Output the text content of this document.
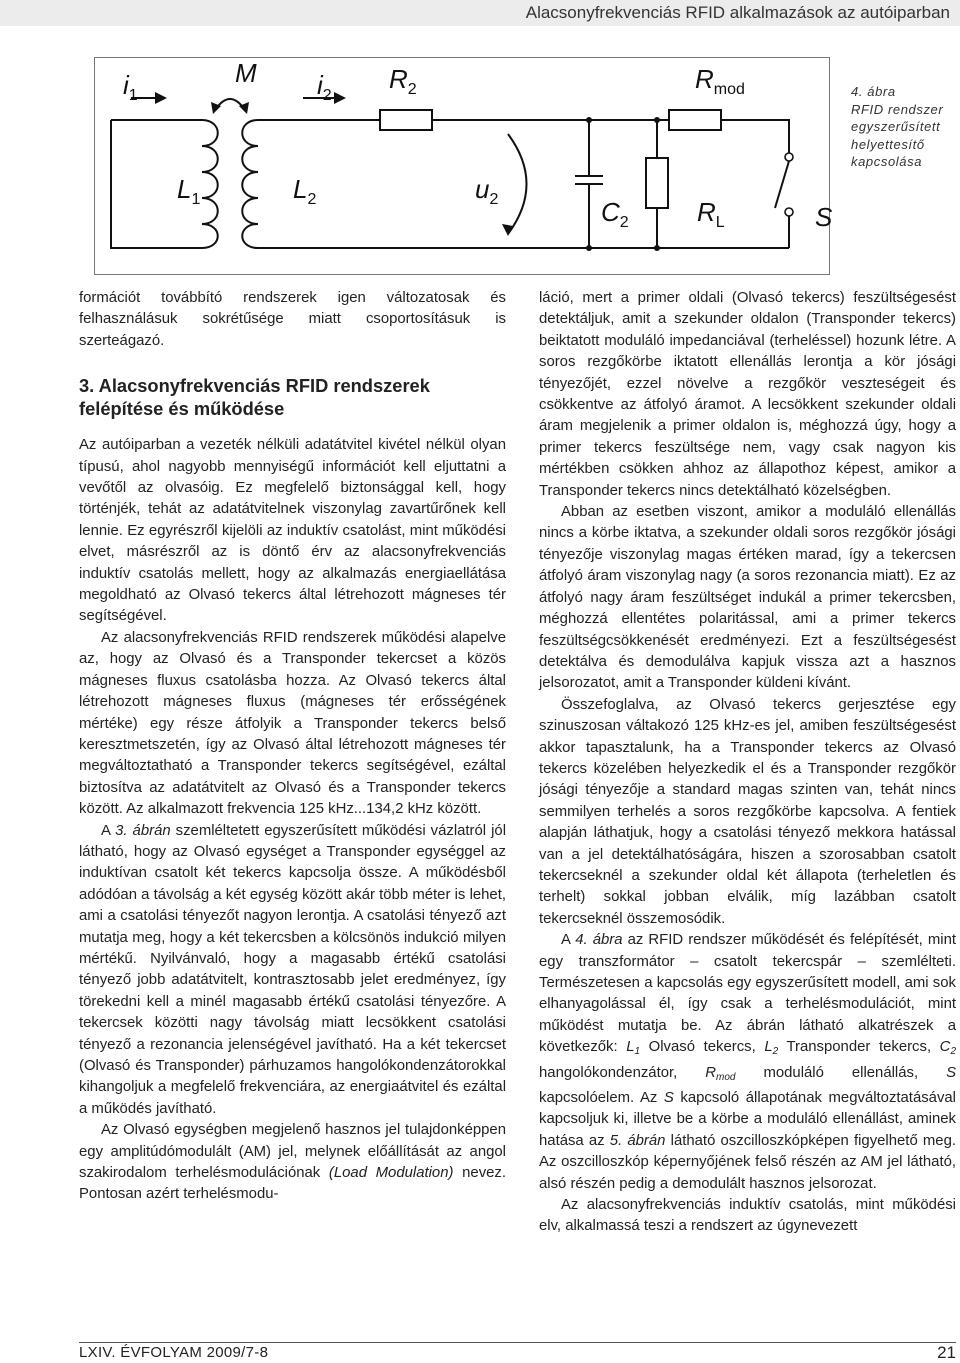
Alacsonyfrekvenciás RFID alkalmazások az autóiparban
$i_1$
M $i_2$
$R_2$	$R_{mod}$
$L_1$	$L_2$	$u_2$	$C_2$	$R_L$	S
4. ábra
RFID rendszer
egyszerűsített
helyettesítő
kapcsolása

formációt továbbító rendszerek igen változatosak és felhasználásuk sokrétűsége miatt csoportosításuk is szerteágazó.

3. Alacsonyfrekvenciás RFID rendszerek felépítése és működése

Az autóiparban a vezeték nélküli adatátvitel kivétel nélkül olyan típusú, ahol nagyobb mennyiségű információt kell eljuttatni a vevőtől az olvasóig. Ez megfelelő biztonsággal kell, hogy történjék, tehát az adatátvitelnek viszonylag zavartűrőnek kell lennie. Ez egyrészről kijelöli az induktív csatolást, mint működési elvet, másrészről az is döntő érv az alacsonyfrekvenciás induktív csatolás mellett, hogy az alkalmazás energiaellátása megoldható az Olvasó tekercs által létrehozott mágneses tér segítségével.

Az alacsonyfrekvenciás RFID rendszerek működési alapelve az, hogy az Olvasó és a Transponder tekercset a közös mágneses fluxus csatolásba hozza. Az Olvasó tekercs által létrehozott mágneses fluxus (mágneses tér erősségének mértéke) egy része átfolyik a Transponder tekercs belső keresztmetszetén, így az Olvasó által létrehozott mágneses tér megváltoztatható a Transponder tekercs segítségével, ezáltal biztosítva az adatátvitelt az Olvasó és a Transponder tekercs között. Az alkalmazott frekvencia 125 kHz...134,2 kHz között.

A 3. ábrán szemléltetett egyszerűsített működési vázlatról jól látható, hogy az Olvasó egységet a Transponder egységgel az induktívan csatolt két tekercs kapcsolja össze. A működésből adódóan a távolság a két egység között akár több méter is lehet, ami a csatolási tényezőt nagyon lerontja. A csatolási tényező azt mutatja meg, hogy a két tekercsben a kölcsönös indukció milyen mértékű. Nyilvánvaló, hogy a magasabb értékű csatolási tényező jobb adatátvitelt, kontrasztosabb jelet eredményez, így törekedni kell a minél magasabb értékű csatolási tényezőre. A tekercsek közötti nagy távolság miatt lecsökkent csatolási tényező a rezonancia jelenségével javítható. Ha a két tekercset (Olvasó és Transponder) párhuzamos hangolókondenzátorokkal kihangoljuk a megfelelő frekvenciára, az energiaátvitel és ezáltal a működés javítható.

Az Olvasó egységben megjelenő hasznos jel tulajdonképpen egy amplitúdómodulált (AM) jel, melynek előállítását az angol szakirodalom terhelésmodulációnak (Load Modulation) nevez. Pontosan azért terhelésmodu-

láció, mert a primer oldali (Olvasó tekercs) feszültségesést detektáljuk, amit a szekunder oldalon (Transponder tekercs) beiktatott moduláló impedanciával (terheléssel) hozunk létre. A soros rezgőkörbe iktatott ellenállás lerontja a kör jósági tényezőjét, ezzel növelve a rezgőkör veszteségeit és csökkentve az átfolyó áramot. A lecsökkent szekunder oldali áram megjelenik a primer oldalon is, méghozzá úgy, hogy a primer tekercs feszültsége nem, vagy csak nagyon kis mértékben csökken ahhoz az állapothoz képest, amikor a Transponder tekercs nincs detektálható közelségben.

Abban az esetben viszont, amikor a moduláló ellenállás nincs a körbe iktatva, a szekunder oldali soros rezgőkör jósági tényezője viszonylag magas értéken marad, így a tekercsen átfolyó áram viszonylag nagy (a soros rezonancia miatt). Ez az átfolyó nagy áram feszültséget indukál a primer tekercsben, méghozzá ellentétes polaritással, ami a primer tekercs feszültségcsökkenését eredményezi. Ezt a feszültségesést detektálva és demodulálva kapjuk vissza azt a hasznos jelsorozatot, amit a Transponder küldeni kívánt.

Összefoglalva, az Olvasó tekercs gerjesztése egy szinuszosan váltakozó 125 kHz-es jel, amiben feszültségesést akkor tapasztalunk, ha a Transponder tekercs az Olvasó tekercs közelében helyezkedik el és a Transponder rezgőkör jósági tényezője a standard magas szinten van, tehát nincs semmilyen terhelés a soros rezgőkörbe kapcsolva. A fentiek alapján láthatjuk, hogy a csatolási tényező mekkora hatással van a jel detektálhatóságára, hiszen a szorosabban csatolt tekercseknél a szekunder oldal két állapota (terheletlen és terhelt) sokkal jobban elválik, míg lazábban csatolt tekercseknél összemosódik.

A 4. ábra az RFID rendszer működését és felépítését, mint egy transzformátor – csatolt tekercspár – szemlélteti. Természetesen a kapcsolás egy egyszerűsített modell, ami sok elhanyagolással él, így csak a terhelésmodulációt, mint működést mutatja be. Az ábrán látható alkatrészek a következők: $L_1$ Olvasó tekercs, $L_2$ Transponder tekercs, $C_2$ hangolókondenzátor, $R_{mod}$ moduláló ellenállás, S kapcsolóelem. Az S kapcsoló állapotának megváltoztatásával kapcsoljuk ki, illetve be a körbe a moduláló ellenállást, aminek hatása az 5. ábrán látható oszcilloszkópképen figyelhető meg. Az oszcilloszkóp képernyőjének felső részén az AM jel látható, alsó részén pedig a demodulált hasznos jelsorozat.

Az alacsonyfrekvenciás induktív csatolás, mint működési elv, alkalmassá teszi a rendszert az úgynevezett

LXIV. ÉVFOLYAM 2009/7-8	21
